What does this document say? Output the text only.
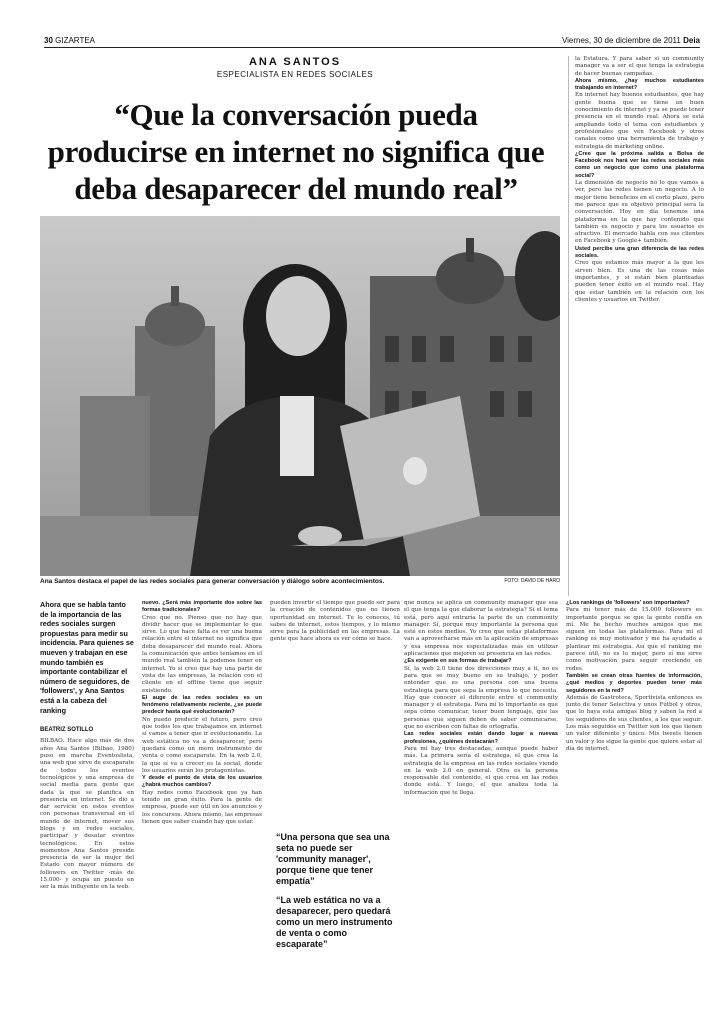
30 GIZARTEA	Viernes, 30 de diciembre de 2011 Deia
ANA SANTOS
ESPECIALISTA EN REDES SOCIALES
“Que la conversación pueda producirse en internet no significa que deba desaparecer del mundo real”
Ana Santos destaca el papel de las redes sociales para generar conversación y diálogo sobre acontecimientos.	FOTO: DAVID DE HARO

Ahora que se habla tanto de la importancia de las redes sociales surgen propuestas para medir su incidencia. Para quienes se mueven y trabajan en ese mundo también es importante contabilizar el número de seguidores, de 'followers', y Ana Santos está a la cabeza del ranking

BEATRIZ SOTILLO

BILBAO. Hace algo más de dos años Ana Santos (Bilbao, 1980) puso en marcha Eventoslista, una web que sirve de escaparate de todos los eventos tecnológicos y una empresa de social media para gente que dada la que se planifica en presencia en internet. Se dio a dar servicio en estos eventos con personas transversal en el mundo de internet, mover sus blogs y en redes sociales, participar y desatar eventos tecnológicos. En estos momentos Ana Santos preside presencia de ser la mujer del Estado con mayor número de followers en Twitter -más de 15.000- y ocupa un puesto en ser la más influyente en la web.

nuevo. ¿Será más importante dos sobre las formas tradicionales?

Creo que no. Pienso que no hay que dividir hacer que se implementar lo que sirve. Lo que hace falta es ver una buena relación entre el internet no significa que deba desaparecer del mundo real. Ahora la comunicación que antes teníamos en el mundo real también la podemos tener en internet. Yo sí creo que hay una parte de vista de las empresas, la relación con el cliente en el offline tiene que seguir existiendo.

El auge de las redes sociales es un fenómeno relativamente reciente, ¿se puede predecir hasta qué evolucionarán?

No puedo predecir el futuro, pero creo que todos los que trabajamos en internet sí vamos a tener que ir evolucionando. La web estática no va a desaparecer, pero quedará como un mero instrumento de venta o como escaparate. En la web 2.0, la que sí va a crecer es la social, donde los usuarios serán los protagonistas.

Y desde el punto de vista de los usuarios ¿habrá muchos cambios?

Hay redes como Facebook que ya han tenido un gran éxito. Para la gente de empresa, puede ser útil en los anuncios y los concursos. Ahora mismo, las empresas tienen que saber cuándo hay que estar.

pueden invertir el tiempo que puede ser para la creación de contenidos que no tienen oportunidad en internet. Tu lo conoces, tú sabes de internet, estos tiempos, y lo mismo sirve para la publicidad en las empresas. La gente que hace ahora es ver cómo se hace.

“Una persona que sea una seta no puede ser 'community manager', porque tiene que tener empatía”

“La web estática no va a desaparecer, pero quedará como un mero instrumento de venta o como escaparate”

que nunca se aplica un community manager que sea el que tenga la que elaborar la estrategia? Sí el tema está, pero aquí entraría la parte de un community manager. Sí, porque muy importante la persona que esté en estos medios. Yo creo que estas plataformas van a aprovecharse más en la aplicación de empresas y esa empresa nos especializadas más en utilizar aplicaciones que mejoren su presencia en las redes.

¿Es exigente en sus formas de trabajar?

Sí, la web 2.0 tiene dos direcciones muy a ti, no es para que se muy bueno en su trabajo, y poder entender que es una persona con una buena estrategia para que sepa la empresa lo que necesita. Hay que conocer el diferente entre el community manager y el estratega. Para mí lo importante es que sepa cómo comunicar, tener buen lenguaje, que las personas que siguen deben de saber comunicarse, que no escriben con faltas de ortografía.

Las redes sociales están dando lugar a nuevas profesiones, ¿quiénes destacarán?

Para mí hay tres destacadas, aunque puede haber más. La primera sería el estratega, el que crea la estrategia de la empresa en las redes sociales viendo en la web 2.0 en general. Otra es la persona responsable del contenido, el que crea en las redes donde está. Y luego, el que analiza toda la información que te llega.

¿Los rankings de 'followers' son importantes?

Para mí tener más de 15.000 followers es importante porque se que la gente confía en mí. Me he hecho muchos amigos que me siguen en todas las plataformas. Para mí el ranking es muy motivador y me ha ayudado a plantear mi estrategia. Así que el ranking me parece útil, no es lo mejor, pero sí me sirve como motivación para seguir creciendo en redes.

También se crean otras fuentes de información, ¿qué medios y deportes pueden tener más seguidores en la red?

Además de Gastroteca, Sportivista entonces es junto de tener Selectiva y unos Fútbol y otros, que lo haya esta amigas blog y saben la red a los seguidores de sus clientes, a los que seguir. Los más seguidos en Twitter son los que tienen un valor diferente y único. Mis tweets tienen un valor y los sigue la gente que quiere estar al día de internet.

la Estatura. Y para saber si un community manager va a ser el que tenga la estrategia de hacer buenas campañas.

Ahora mismo, ¿hay muchos estudiantes trabajando en internet?

En internet hay buenos estudiantes, que hay gente buena que se tiene un buen conocimiento de internet y ya se puede tener presencia en el mundo real. Ahora se está ampliando todo el tema con estudiantes y profesionales que ven Facebook y otros canales como una herramienta de trabajo y estrategia de márketing online.

¿Cree que la próxima salida a Bolsa de Facebook nos hará ver las redes sociales más como un negocio que como una plataforma social?

La dimensión de negocio no lo que vamos a ver, pero las redes tienen un negocio. A lo mejor tiene beneficios en el corto plazo, pero me parece que su objetivo principal será la conversación. Hoy en día tenemos una plataforma en la que hay contenido que también es negocio y para los usuarios es atractivo. El mercado habla con sus clientes en Facebook y Google+ también.

Usted percibe una gran diferencia de las redes sociales.

Creo que estamos más mayor a la que les sirven bien. Es una de las cosas más importantes, y si están bien planteadas pueden tener éxito en el mundo real. Hay que estar también en la relación con los clientes y usuarios en Twitter.
